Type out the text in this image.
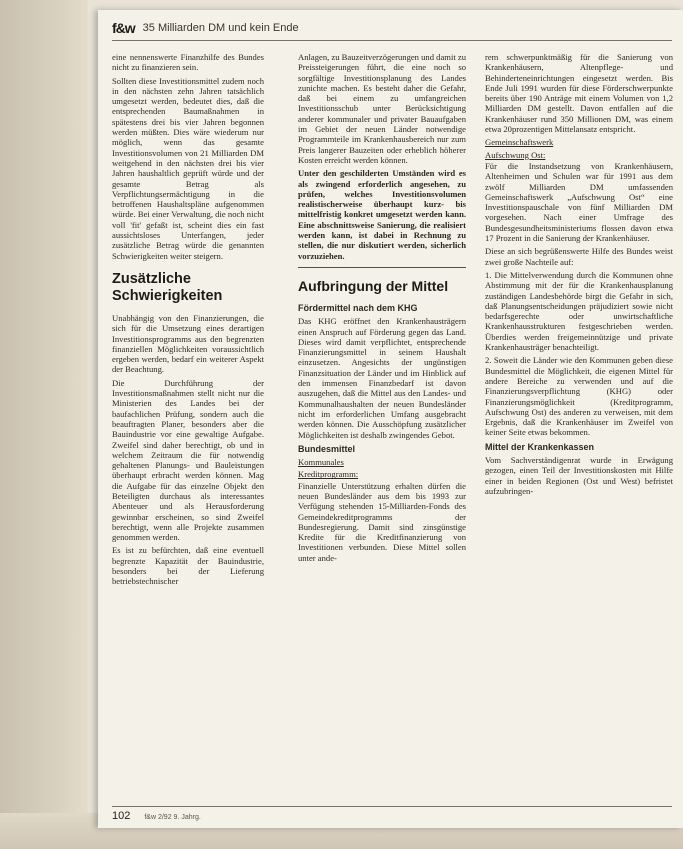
f&w 35 Milliarden DM und kein Ende

eine nennenswerte Finanzhilfe des Bundes nicht zu finanzieren sein.

Sollten diese Investitionsmittel zudem noch in den nächsten zehn Jahren tatsächlich umgesetzt werden, bedeutet dies, daß die entsprechenden Baumaßnahmen in spätestens drei bis vier Jahren begonnen werden müßten. Dies wäre wiederum nur möglich, wenn das gesamte Investitionsvolumen von 21 Milliarden DM weitgehend in den nächsten drei bis vier Jahren haushaltlich geprüft würde und der gesamte Betrag als Verpflichtungsermächtigung in die betroffenen Haushaltspläne aufgenommen würde. Bei einer Verwaltung, die noch nicht voll 'fit' gefaßt ist, scheint dies ein fast aussichtsloses Unterfangen, jeder zusätzliche Betrag würde die genannten Schwierigkeiten weiter steigern.

Zusätzliche
Schwierigkeiten

Unabhängig von den Finanzierungen, die sich für die Umsetzung eines derartigen Investitionsprogramms aus den begrenzten finanziellen Möglichkeiten voraussichtlich ergeben werden, bedarf ein weiterer Aspekt der Beachtung.

Die Durchführung der Investitionsmaßnahmen stellt nicht nur die Ministerien des Landes bei der baufachlichen Prüfung, sondern auch die beauftragten Planer, besonders aber die Bauindustrie vor eine gewaltige Aufgabe. Zweifel sind daher berechtigt, ob und in welchem Zeitraum die für notwendig gehaltenen Planungs- und Bauleistungen überhaupt erbracht werden können. Mag die Aufgabe für das einzelne Objekt den Beteiligten durchaus als interessantes Abenteuer und als Herausforderung gewinnbar erscheinen, so sind Zweifel berechtigt, wenn alle Projekte zusammen genommen werden.

Es ist zu befürchten, daß eine eventuell begrenzte Kapazität der Bauindustrie, besonders bei der Lieferung betriebstechnischer

Anlagen, zu Bauzeitverzögerungen und damit zu Preissteigerungen führt, die eine noch so sorgfältige Investitionsplanung des Landes zunichte machen. Es besteht daher die Gefahr, daß bei einem zu umfangreichen Investitionsschub unter Berücksichtigung anderer kommunaler und privater Bauaufgaben im Gebiet der neuen Länder notwendige Programmteile im Krankenhausbereich nur zum Preis langerer Bauzeiten oder erheblich höherer Kosten erreicht werden können.

Unter den geschilderten Umständen wird es als zwingend erforderlich angesehen, zu prüfen, welches Investitionsvolumen realistischerweise überhaupt kurz- bis mittelfristig konkret umgesetzt werden kann. Eine abschnittsweise Sanierung, die realisiert werden kann, ist dabei in Rechnung zu stellen, die nur diskutiert werden, sicherlich vorzuziehen.

Aufbringung der Mittel
Fördermittel nach dem KHG

Das KHG eröffnet den Krankenhausträgern einen Anspruch auf Förderung gegen das Land. Dieses wird damit verpflichtet, entsprechende Finanzierungsmittel in seinem Haushalt einzusetzen. Angesichts der ungünstigen Finanzsituation der Länder und im Hinblick auf den immensen Finanzbedarf ist davon auszugehen, daß die Mittel aus den Landes- und Kommunalhaushalten der neuen Bundesländer nicht im erforderlichen Umfang ausgebracht werden können. Die Ausschöpfung zusätzlicher Möglichkeiten ist deshalb zwingendes Gebot.

Bundesmittel
Kommunales
Kreditprogramm:

Finanzielle Unterstützung erhalten dürfen die neuen Bundesländer aus dem bis 1993 zur Verfügung stehenden 15-Milliarden-Fonds des Gemeindekreditprogramms der Bundesregierung. Damit sind zinsgünstige Kredite für die Kreditfinanzierung von Investitionen verbunden. Diese Mittel sollen unter ande-

rem schwerpunktmäßig für die Sanierung von Krankenhäusern, Altenpflege- und Behinderteneinrichtungen eingesetzt werden. Bis Ende Juli 1991 wurden für diese Förderschwerpunkte bereits über 190 Anträge mit einem Volumen von 1,2 Milliarden DM gestellt. Davon entfallen auf die Krankenhäuser rund 350 Millionen DM, was einem etwa 20prozentigen Mittelansatz entspricht.

Gemeinschaftswerk
Aufschwung Ost:

Für die Instandsetzung von Krankenhäusern, Altenheimen und Schulen war für 1991 aus dem zwölf Milliarden DM umfassenden Gemeinschaftswerk „Aufschwung Ost“ eine Investitionspauschale von fünf Milliarden DM vorgesehen. Nach einer Umfrage des Bundesgesundheitsministeriums flossen davon etwa 17 Prozent in die Sanierung der Krankenhäuser.

Diese an sich begrüßenswerte Hilfe des Bundes weist zwei große Nachteile auf:

1. Die Mittelverwendung durch die Kommunen ohne Abstimmung mit der für die Krankenhausplanung zuständigen Landesbehörde birgt die Gefahr in sich, daß Planungsentscheidungen präjudiziert sowie nicht bedarfsgerechte oder unwirtschaftliche Krankenhausstrukturen festgeschrieben werden. Überdies werden freigemeinnützige und private Krankenhausträger benachteiligt.

2. Soweit die Länder wie den Kommunen geben diese Bundesmittel die Möglichkeit, die eigenen Mittel für andere Bereiche zu verwenden und auf die Finanzierungsverpflichtung (KHG) oder Finanzierungsmöglichkeit (Kreditprogramm, Aufschwung Ost) des anderen zu verweisen, mit dem Ergebnis, daß die Krankenhäuser im Zweifel von keiner Seite etwas bekommen.

Mittel der Krankenkassen

Vom Sachverständigenrat wurde in Erwägung gezogen, einen Teil der Investitionskosten mit Hilfe einer in beiden Regionen (Ost und West) befristet aufzubringen-

102 f&w 2/92 9. Jahrg.
